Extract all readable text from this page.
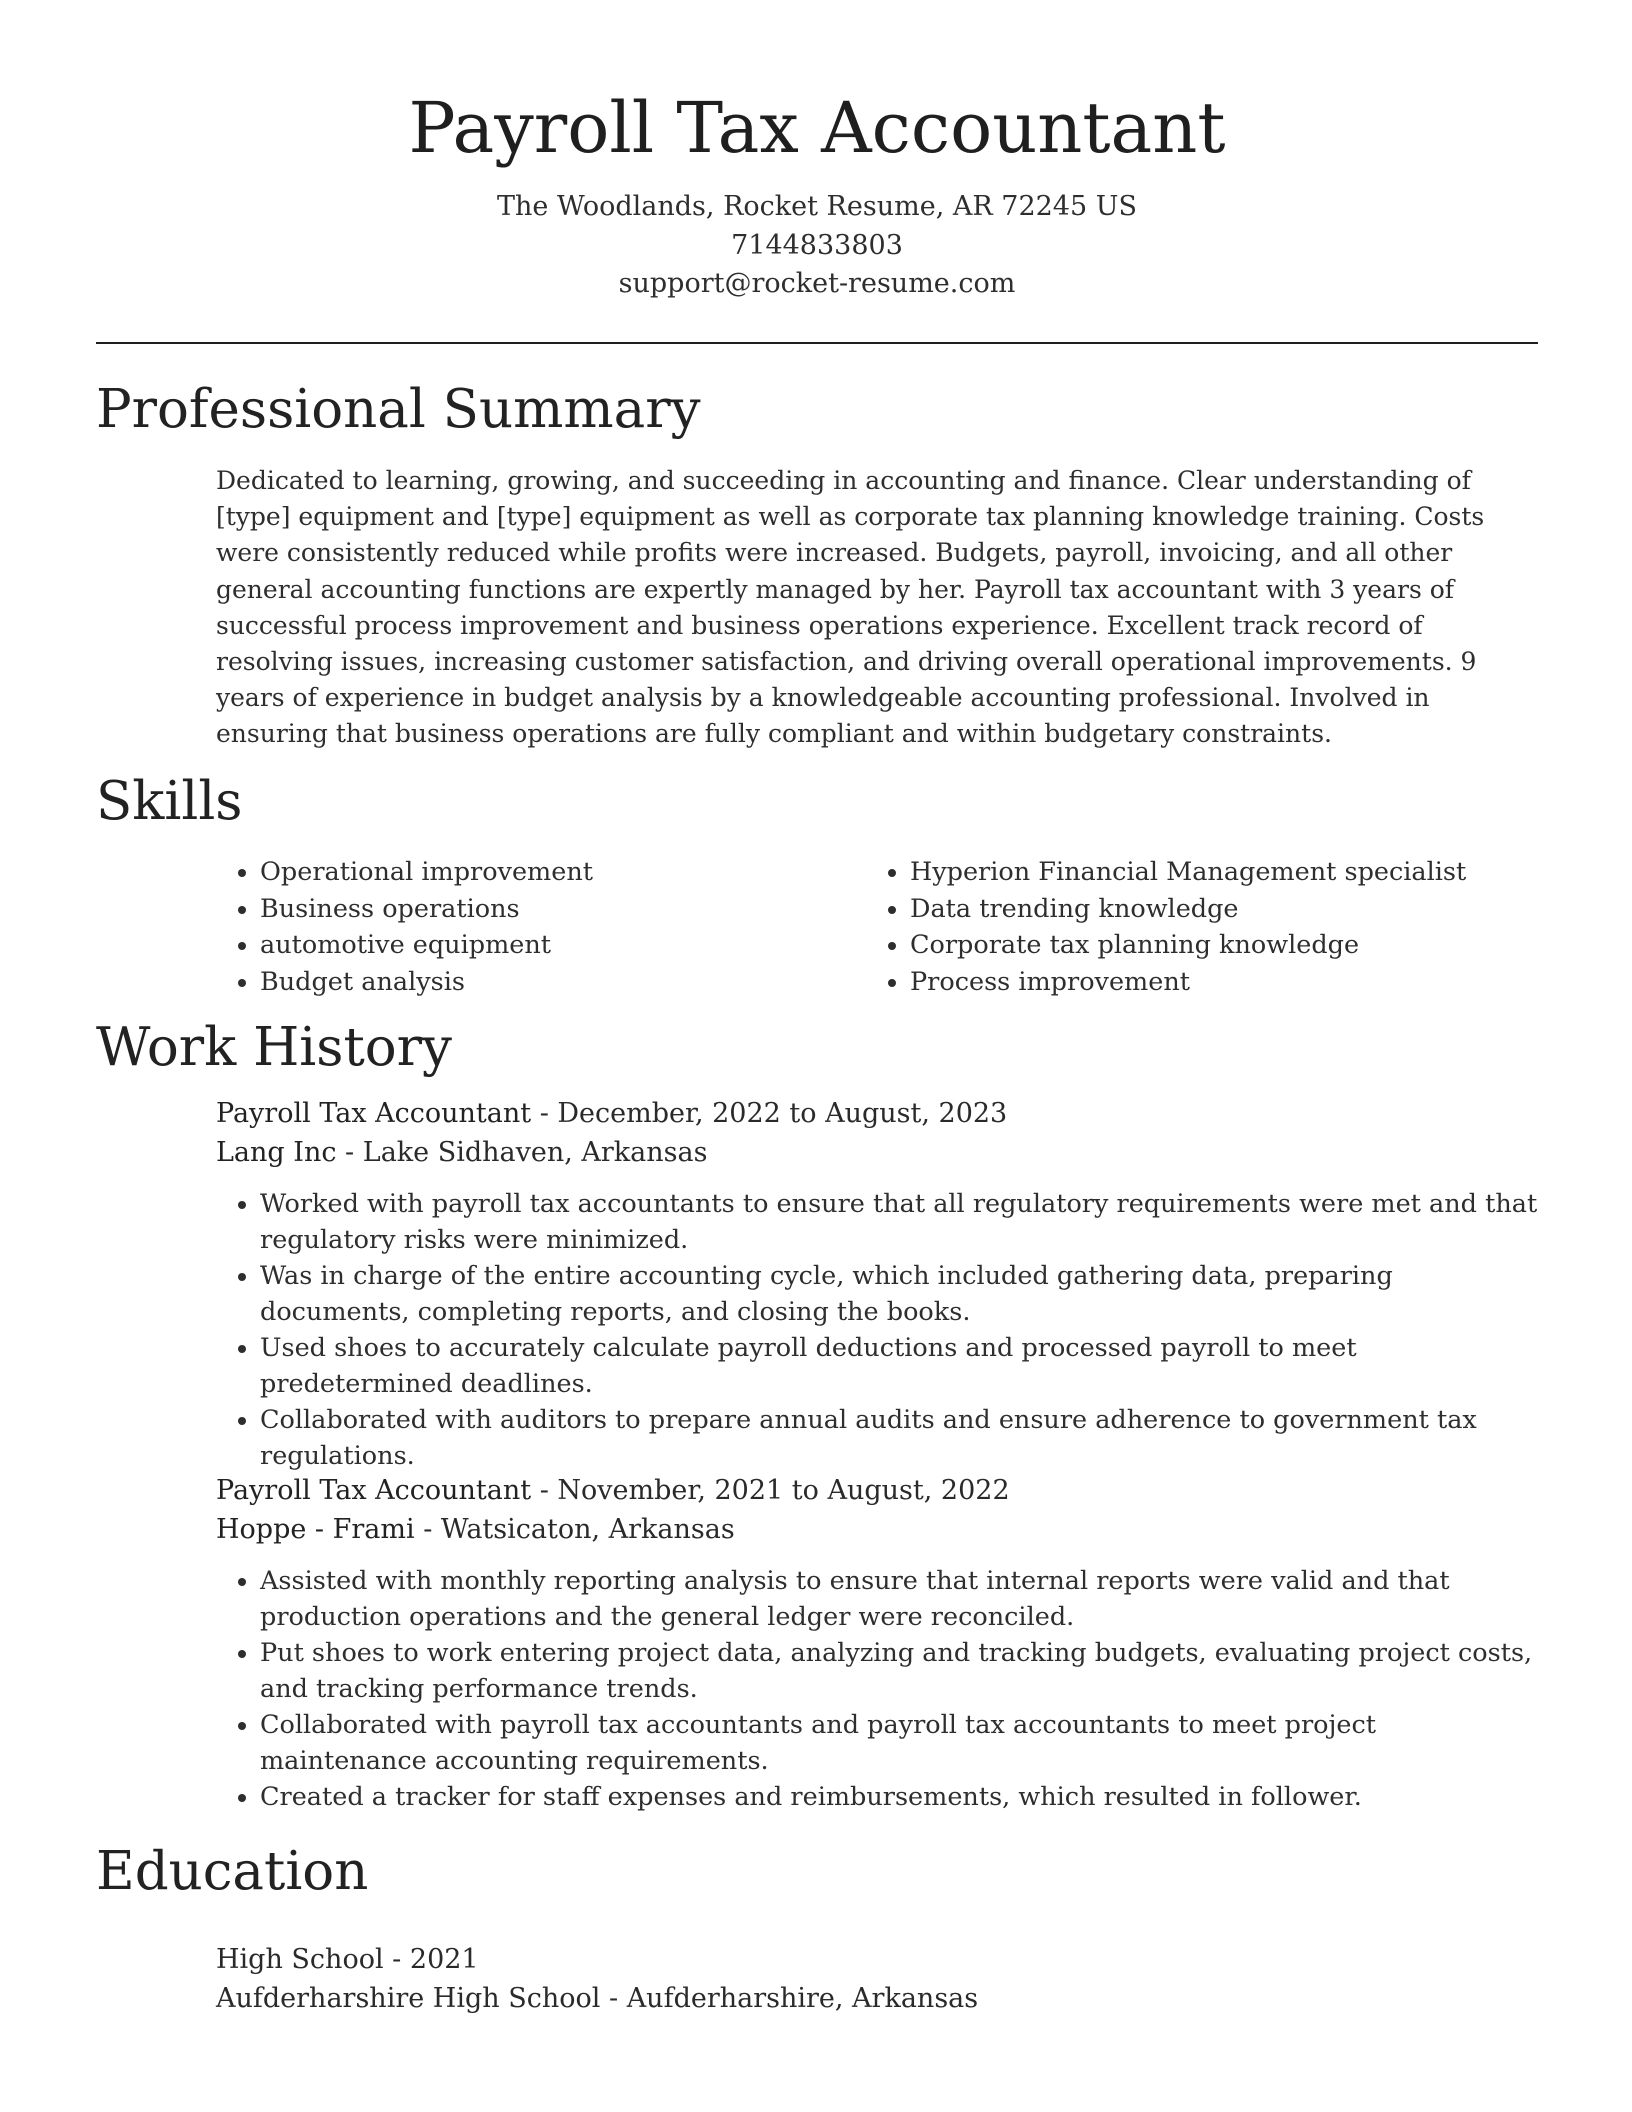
Payroll Tax Accountant
The Woodlands, Rocket Resume, AR 72245 US
7144833803
support@rocket-resume.com
Professional Summary

Dedicated to learning, growing, and succeeding in accounting and finance. Clear understanding of [type] equipment and [type] equipment as well as corporate tax planning knowledge training. Costs were consistently reduced while profits were increased. Budgets, payroll, invoicing, and all other general accounting functions are expertly managed by her. Payroll tax accountant with 3 years of successful process improvement and business operations experience. Excellent track record of resolving issues, increasing customer satisfaction, and driving overall operational improvements. 9 years of experience in budget analysis by a knowledgeable accounting professional. Involved in ensuring that business operations are fully compliant and within budgetary constraints.

Skills
• Operational improvement
• Business operations
• automotive equipment
• Budget analysis
• Hyperion Financial Management specialist
• Data trending knowledge
• Corporate tax planning knowledge
• Process improvement
Work History
Payroll Tax Accountant - December, 2022 to August, 2023
Lang Inc - Lake Sidhaven, Arkansas
• Worked with payroll tax accountants to ensure that all regulatory requirements were met and that regulatory risks were minimized.
• Was in charge of the entire accounting cycle, which included gathering data, preparing documents, completing reports, and closing the books.
• Used shoes to accurately calculate payroll deductions and processed payroll to meet predetermined deadlines.
• Collaborated with auditors to prepare annual audits and ensure adherence to government tax regulations.
Payroll Tax Accountant - November, 2021 to August, 2022
Hoppe - Frami - Watsicaton, Arkansas
• Assisted with monthly reporting analysis to ensure that internal reports were valid and that production operations and the general ledger were reconciled.
• Put shoes to work entering project data, analyzing and tracking budgets, evaluating project costs, and tracking performance trends.
• Collaborated with payroll tax accountants and payroll tax accountants to meet project maintenance accounting requirements.
• Created a tracker for staff expenses and reimbursements, which resulted in follower.
Education
High School - 2021
Aufderharshire High School - Aufderharshire, Arkansas
